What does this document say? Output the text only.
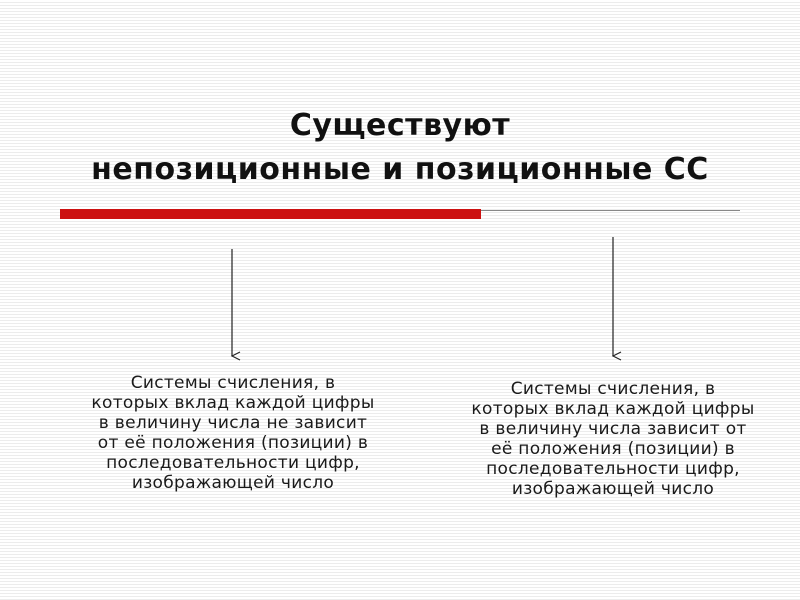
Существуют
непозиционные и позиционные СС
Системы счисления, в
которых вклад каждой цифры
в величину числа не зависит
от её положения (позиции) в
последовательности цифр,
изображающей число
Системы счисления, в
которых вклад каждой цифры
в величину числа зависит от
её положения (позиции) в
последовательности цифр,
изображающей число
